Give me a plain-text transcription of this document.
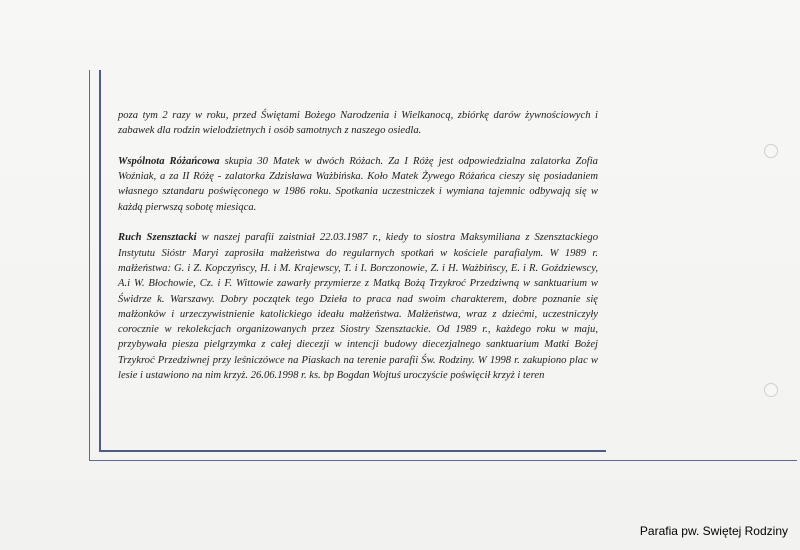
poza tym 2 razy w roku, przed Świętami Bożego Narodzenia i Wielkanocą, zbiórkę darów żywnościowych i zabawek dla rodzin wielodzietnych i osób samotnych z naszego osiedla.

Wspólnota Różańcowa skupia 30 Matek w dwóch Różach. Za I Różę jest odpowiedzialna zalatorka Zofia Woźniak, a za II Różę - zalatorka Zdzisława Ważbińska. Koło Matek Żywego Różańca cieszy się posiadaniem własnego sztandaru poświęconego w 1986 roku. Spotkania uczestniczek i wymiana tajemnic odbywają się w każdą pierwszą sobotę miesiąca.

Ruch Szensztacki w naszej parafii zaistniał 22.03.1987 r., kiedy to siostra Maksymiliana z Szensztackiego Instytutu Sióstr Maryi zaprosiła małżeństwa do regularnych spotkań w kościele parafialym. W 1989 r. małżeństwa: G. i Z. Kopczyńscy, H. i M. Krajewscy, T. i I. Borczonowie, Z. i H. Ważbińscy, E. i R. Goździewscy, A.i W. Błochowie, Cz. i F. Wittowie zawarły przymierze z Matką Bożą Trzykroć Przedziwną w sanktuarium w Świdrze k. Warszawy. Dobry początek tego Dzieła to praca nad swoim charakterem, dobre poznanie się małżonków i urzeczywistnienie katolickiego ideału małżeństwa. Małżeństwa, wraz z dziećmi, uczestniczyły corocznie w rekolekcjach organizowanych przez Siostry Szensztackie. Od 1989 r., każdego roku w maju, przybywała piesza pielgrzymka z całej diecezji w intencji budowy diecezjalnego sanktuarium Matki Bożej Trzykroć Przedziwnej przy leśniczówce na Piaskach na terenie parafii Św. Rodziny. W 1998 r. zakupiono plac w lesie i ustawiono na nim krzyż. 26.06.1998 r. ks. bp Bogdan Wojtuś uroczyście poświęcił krzyż i teren

Parafia pw. Swiętej Rodziny
